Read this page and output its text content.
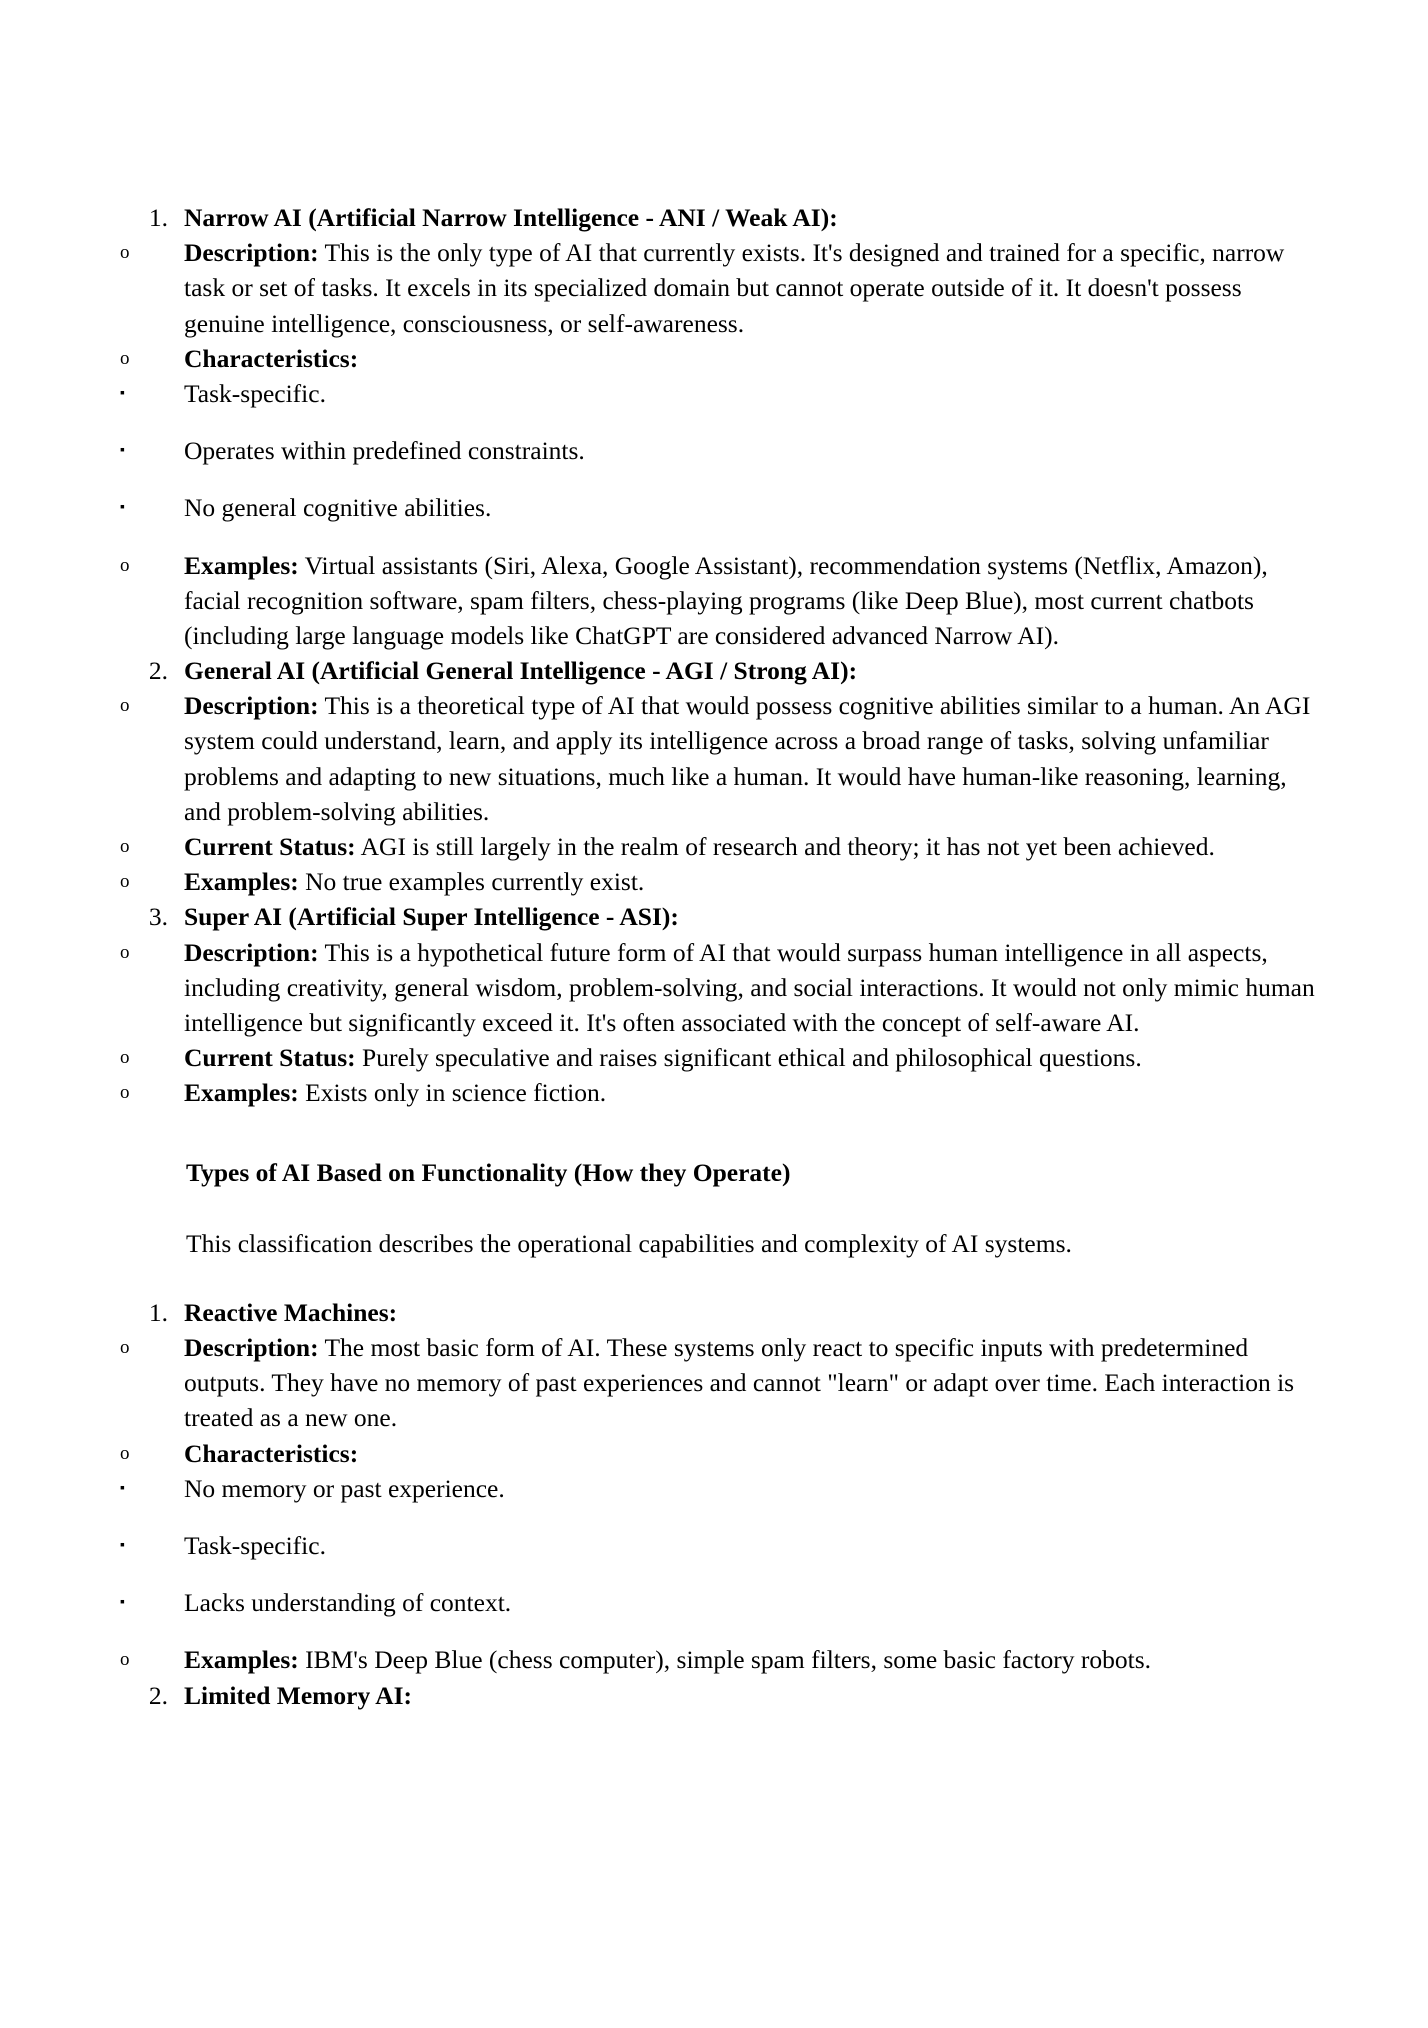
1. Narrow AI (Artificial Narrow Intelligence - ANI / Weak AI):
o	Description: This is the only type of AI that currently exists. It's designed and trained for a specific, narrow task or set of tasks. It excels in its specialized domain but cannot operate outside of it. It doesn't possess genuine intelligence, consciousness, or self-awareness.
o	Characteristics:
▪	Task-specific.
▪	Operates within predefined constraints.
▪	No general cognitive abilities.
o	Examples: Virtual assistants (Siri, Alexa, Google Assistant), recommendation systems (Netflix, Amazon), facial recognition software, spam filters, chess-playing programs (like Deep Blue), most current chatbots (including large language models like ChatGPT are considered advanced Narrow AI).
2. General AI (Artificial General Intelligence - AGI / Strong AI):
o	Description: This is a theoretical type of AI that would possess cognitive abilities similar to a human. An AGI system could understand, learn, and apply its intelligence across a broad range of tasks, solving unfamiliar problems and adapting to new situations, much like a human. It would have human-like reasoning, learning, and problem-solving abilities.
o	Current Status: AGI is still largely in the realm of research and theory; it has not yet been achieved.
o	Examples: No true examples currently exist.
3. Super AI (Artificial Super Intelligence - ASI):
o	Description: This is a hypothetical future form of AI that would surpass human intelligence in all aspects, including creativity, general wisdom, problem-solving, and social interactions. It would not only mimic human intelligence but significantly exceed it. It's often associated with the concept of self-aware AI.
o	Current Status: Purely speculative and raises significant ethical and philosophical questions.
o	Examples: Exists only in science fiction.
Types of AI Based on Functionality (How they Operate)
This classification describes the operational capabilities and complexity of AI systems.
1. Reactive Machines:
o	Description: The most basic form of AI. These systems only react to specific inputs with predetermined outputs. They have no memory of past experiences and cannot "learn" or adapt over time. Each interaction is treated as a new one.
o	Characteristics:
▪	No memory or past experience.
▪	Task-specific.
▪	Lacks understanding of context.
o	Examples: IBM's Deep Blue (chess computer), simple spam filters, some basic factory robots.
2. Limited Memory AI:
